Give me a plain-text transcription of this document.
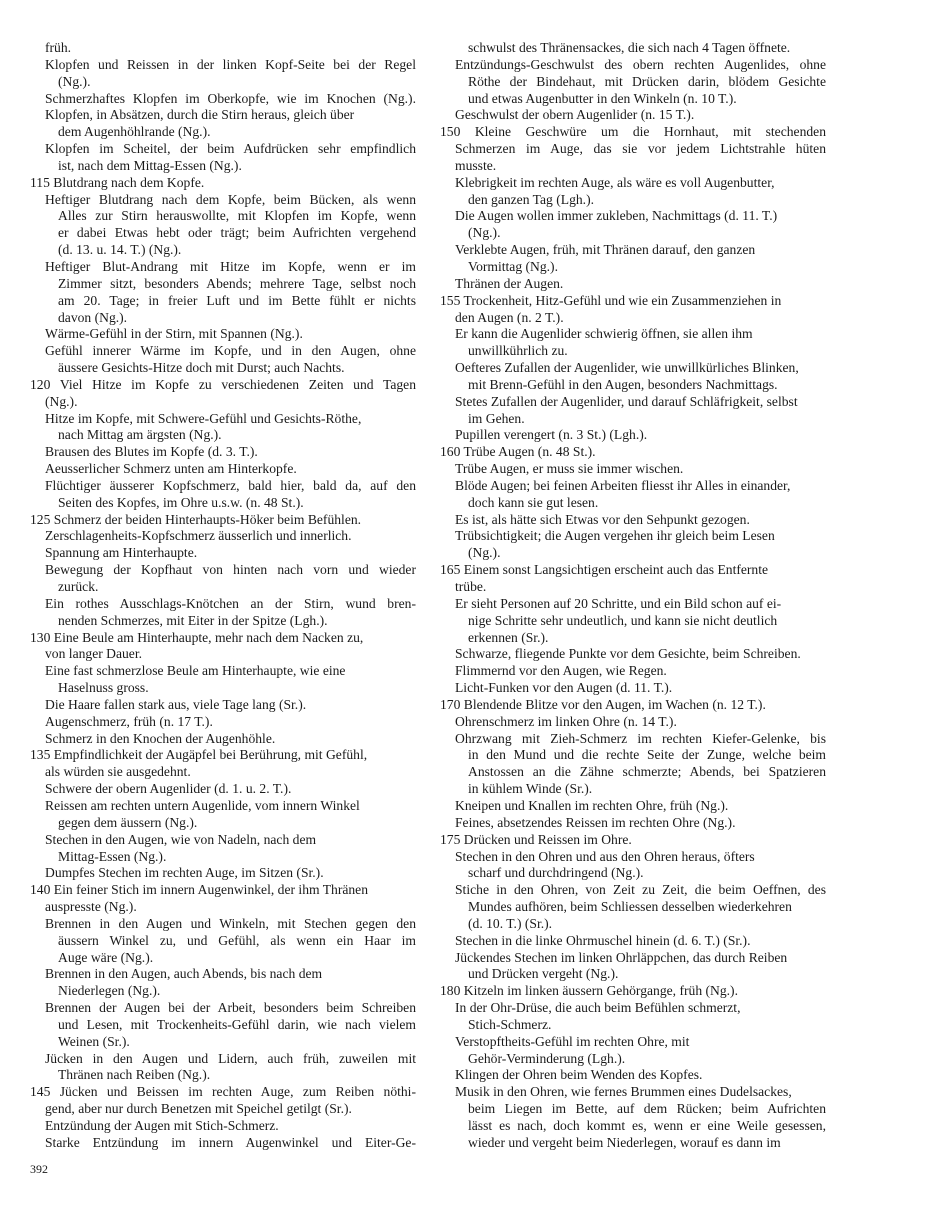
früh.
Klopfen und Reissen in der linken Kopf-Seite bei der Regel
(Ng.).
Schmerzhaftes Klopfen im Oberkopfe, wie im Knochen (Ng.).
Klopfen, in Absätzen, durch die Stirn heraus, gleich über
dem Augenhöhlrande (Ng.).
Klopfen im Scheitel, der beim Aufdrücken sehr empfindlich
ist, nach dem Mittag-Essen (Ng.).
115 Blutdrang nach dem Kopfe.
Heftiger Blutdrang nach dem Kopfe, beim Bücken, als wenn
Alles zur Stirn herauswollte, mit Klopfen im Kopfe, wenn
er dabei Etwas hebt oder trägt; beim Aufrichten vergehend
(d. 13. u. 14. T.) (Ng.).
Heftiger Blut-Andrang mit Hitze im Kopfe, wenn er im
Zimmer sitzt, besonders Abends; mehrere Tage, selbst noch
am 20. Tage; in freier Luft und im Bette fühlt er nichts
davon (Ng.).
Wärme-Gefühl in der Stirn, mit Spannen (Ng.).
Gefühl innerer Wärme im Kopfe, und in den Augen, ohne
äussere Gesichts-Hitze doch mit Durst; auch Nachts.
120 Viel Hitze im Kopfe zu verschiedenen Zeiten und Tagen
(Ng.).
Hitze im Kopfe, mit Schwere-Gefühl und Gesichts-Röthe,
nach Mittag am ärgsten (Ng.).
Brausen des Blutes im Kopfe (d. 3. T.).
Aeusserlicher Schmerz unten am Hinterkopfe.
Flüchtiger äusserer Kopfschmerz, bald hier, bald da, auf den
Seiten des Kopfes, im Ohre u.s.w. (n. 48 St.).
125 Schmerz der beiden Hinterhaupts-Höker beim Befühlen.
Zerschlagenheits-Kopfschmerz äusserlich und innerlich.
Spannung am Hinterhaupte.
Bewegung der Kopfhaut von hinten nach vorn und wieder
zurück.
Ein rothes Ausschlags-Knötchen an der Stirn, wund bren-
nenden Schmerzes, mit Eiter in der Spitze (Lgh.).
130 Eine Beule am Hinterhaupte, mehr nach dem Nacken zu,
von langer Dauer.
Eine fast schmerzlose Beule am Hinterhaupte, wie eine
Haselnuss gross.
Die Haare fallen stark aus, viele Tage lang (Sr.).
Augenschmerz, früh (n. 17 T.).
Schmerz in den Knochen der Augenhöhle.
135 Empfindlichkeit der Augäpfel bei Berührung, mit Gefühl,
als würden sie ausgedehnt.
Schwere der obern Augenlider (d. 1. u. 2. T.).
Reissen am rechten untern Augenlide, vom innern Winkel
gegen dem äussern (Ng.).
Stechen in den Augen, wie von Nadeln, nach dem
Mittag-Essen (Ng.).
Dumpfes Stechen im rechten Auge, im Sitzen (Sr.).
140 Ein feiner Stich im innern Augenwinkel, der ihm Thränen
auspresste (Ng.).
Brennen in den Augen und Winkeln, mit Stechen gegen den
äussern Winkel zu, und Gefühl, als wenn ein Haar im
Auge wäre (Ng.).
Brennen in den Augen, auch Abends, bis nach dem
Niederlegen (Ng.).
Brennen der Augen bei der Arbeit, besonders beim Schreiben
und Lesen, mit Trockenheits-Gefühl darin, wie nach vielem
Weinen (Sr.).
Jücken in den Augen und Lidern, auch früh, zuweilen mit
Thränen nach Reiben (Ng.).
145 Jücken und Beissen im rechten Auge, zum Reiben nöthi-
gend, aber nur durch Benetzen mit Speichel getilgt (Sr.).
Entzündung der Augen mit Stich-Schmerz.
Starke Entzündung im innern Augenwinkel und Eiter-Ge-
schwulst des Thränensackes, die sich nach 4 Tagen öffnete.
Entzündungs-Geschwulst des obern rechten Augenlides, ohne
Röthe der Bindehaut, mit Drücken darin, blödem Gesichte
und etwas Augenbutter in den Winkeln (n. 10 T.).
Geschwulst der obern Augenlider (n. 15 T.).
150 Kleine Geschwüre um die Hornhaut, mit stechenden
Schmerzen im Auge, das sie vor jedem Lichtstrahle hüten
musste.
Klebrigkeit im rechten Auge, als wäre es voll Augenbutter,
den ganzen Tag (Lgh.).
Die Augen wollen immer zukleben, Nachmittags (d. 11. T.)
(Ng.).
Verklebte Augen, früh, mit Thränen darauf, den ganzen
Vormittag (Ng.).
Thränen der Augen.
155 Trockenheit, Hitz-Gefühl und wie ein Zusammenziehen in
den Augen (n. 2 T.).
Er kann die Augenlider schwierig öffnen, sie allen ihm
unwillkührlich zu.
Oefteres Zufallen der Augenlider, wie unwillkürliches Blinken,
mit Brenn-Gefühl in den Augen, besonders Nachmittags.
Stetes Zufallen der Augenlider, und darauf Schläfrigkeit, selbst
im Gehen.
Pupillen verengert (n. 3 St.) (Lgh.).
160 Trübe Augen (n. 48 St.).
Trübe Augen, er muss sie immer wischen.
Blöde Augen; bei feinen Arbeiten fliesst ihr Alles in einander,
doch kann sie gut lesen.
Es ist, als hätte sich Etwas vor den Sehpunkt gezogen.
Trübsichtigkeit; die Augen vergehen ihr gleich beim Lesen
(Ng.).
165 Einem sonst Langsichtigen erscheint auch das Entfernte
trübe.
Er sieht Personen auf 20 Schritte, und ein Bild schon auf ei-
nige Schritte sehr undeutlich, und kann sie nicht deutlich
erkennen (Sr.).
Schwarze, fliegende Punkte vor dem Gesichte, beim Schreiben.
Flimmernd vor den Augen, wie Regen.
Licht-Funken vor den Augen (d. 11. T.).
170 Blendende Blitze vor den Augen, im Wachen (n. 12 T.).
Ohrenschmerz im linken Ohre (n. 14 T.).
Ohrzwang mit Zieh-Schmerz im rechten Kiefer-Gelenke, bis
in den Mund und die rechte Seite der Zunge, welche beim
Anstossen an die Zähne schmerzte; Abends, bei Spatzieren
in kühlem Winde (Sr.).
Kneipen und Knallen im rechten Ohre, früh (Ng.).
Feines, absetzendes Reissen im rechten Ohre (Ng.).
175 Drücken und Reissen im Ohre.
Stechen in den Ohren und aus den Ohren heraus, öfters
scharf und durchdringend (Ng.).
Stiche in den Ohren, von Zeit zu Zeit, die beim Oeffnen, des
Mundes aufhören, beim Schliessen desselben wiederkehren
(d. 10. T.) (Sr.).
Stechen in die linke Ohrmuschel hinein (d. 6. T.) (Sr.).
Jückendes Stechen im linken Ohrläppchen, das durch Reiben
und Drücken vergeht (Ng.).
180 Kitzeln im linken äussern Gehörgange, früh (Ng.).
In der Ohr-Drüse, die auch beim Befühlen schmerzt,
Stich-Schmerz.
Verstopftheits-Gefühl im rechten Ohre, mit
Gehör-Verminderung (Lgh.).
Klingen der Ohren beim Wenden des Kopfes.
Musik in den Ohren, wie fernes Brummen eines Dudelsackes,
beim Liegen im Bette, auf dem Rücken; beim Aufrichten
lässt es nach, doch kommt es, wenn er eine Weile gesessen,
wieder und vergeht beim Niederlegen, worauf es dann im
392
